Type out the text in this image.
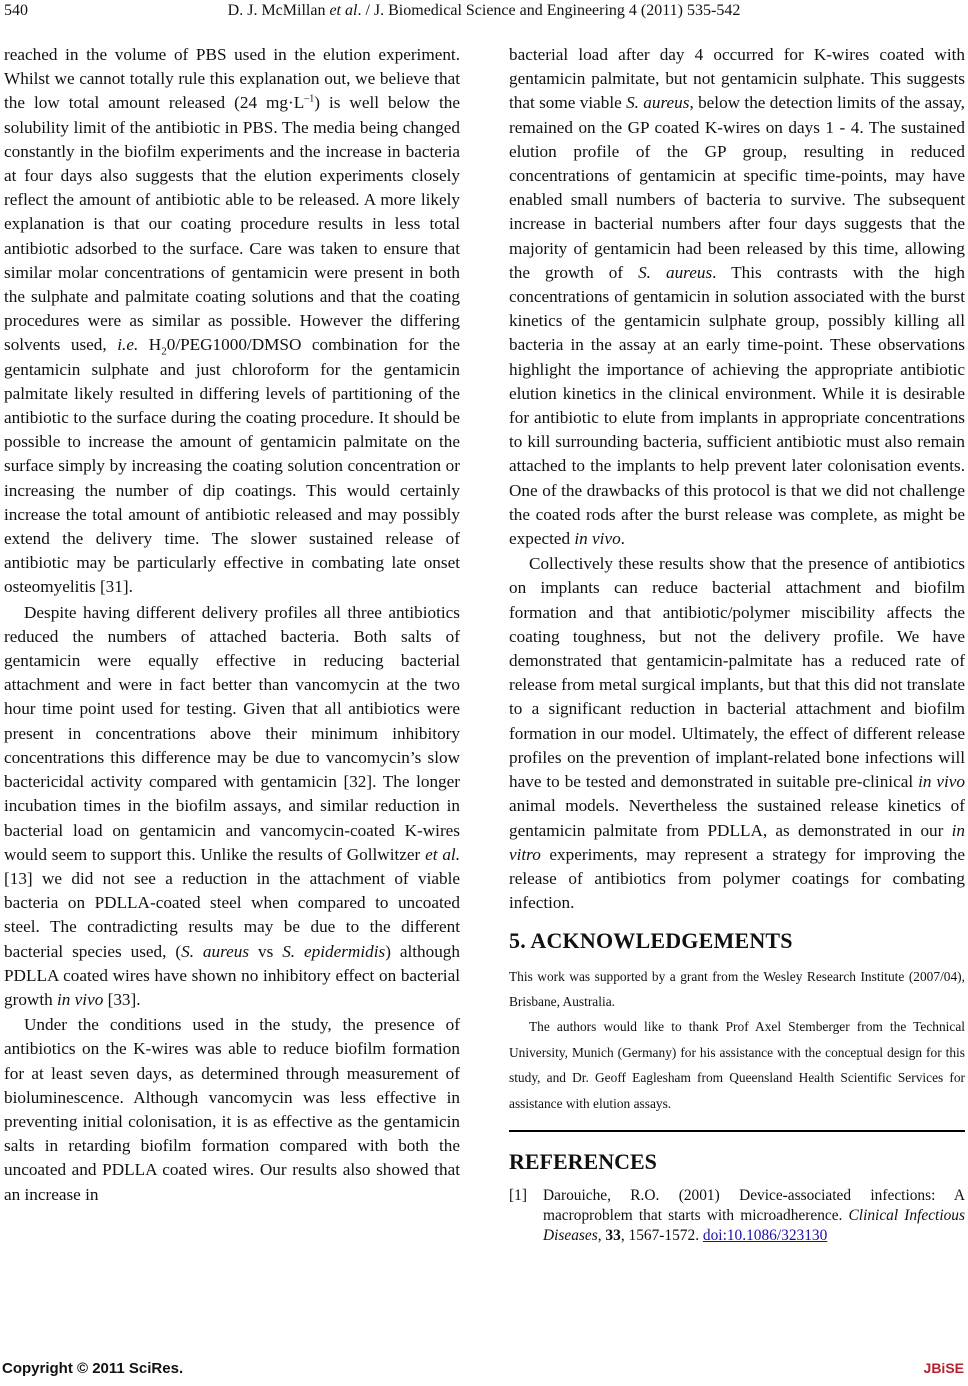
540	D. J. McMillan et al. / J. Biomedical Science and Engineering 4 (2011) 535-542

reached in the volume of PBS used in the elution experiment. Whilst we cannot totally rule this explanation out, we believe that the low total amount released (24 $mg\cdot L^{-1}$) is well below the solubility limit of the antibiotic in PBS. The media being changed constantly in the biofilm experiments and the increase in bacteria at four days also suggests that the elution experiments closely reflect the amount of antibiotic able to be released. A more likely explanation is that our coating procedure results in less total antibiotic adsorbed to the surface. Care was taken to ensure that similar molar concentrations of gentamicin were present in both the sulphate and palmitate coating solutions and that the coating procedures were as similar as possible. However the differing solvents used, i.e. $H_20/PEG1000$/DMSO combination for the gentamicin sulphate and just chloroform for the gentamicin palmitate likely resulted in differing levels of partitioning of the antibiotic to the surface during the coating procedure. It should be possible to increase the amount of gentamicin palmitate on the surface simply by increasing the coating solution concentration or increasing the number of dip coatings. This would certainly increase the total amount of antibiotic released and may possibly extend the delivery time. The slower sustained release of antibiotic may be particularly effective in combating late onset osteomyelitis [31].

Despite having different delivery profiles all three antibiotics reduced the numbers of attached bacteria. Both salts of gentamicin were equally effective in reducing bacterial attachment and were in fact better than vancomycin at the two hour time point used for testing. Given that all antibiotics were present in concentrations above their minimum inhibitory concentrations this difference may be due to vancomycin’s slow bactericidal activity compared with gentamicin [32]. The longer incubation times in the biofilm assays, and similar reduction in bacterial load on gentamicin and vancomycin-coated K-wires would seem to support this. Unlike the results of Gollwitzer et al. [13] we did not see a reduction in the attachment of viable bacteria on PDLLA-coated steel when compared to uncoated steel. The contradicting results may be due to the different bacterial species used, (S. aureus vs S. epidermidis) although PDLLA coated wires have shown no inhibitory effect on bacterial growth in vivo [33].

Under the conditions used in the study, the presence of antibiotics on the K-wires was able to reduce biofilm formation for at least seven days, as determined through measurement of bioluminescence. Although vancomycin was less effective in preventing initial colonisation, it is as effective as the gentamicin salts in retarding biofilm formation compared with both the uncoated and PDLLA coated wires. Our results also showed that an increase in

bacterial load after day 4 occurred for K-wires coated with gentamicin palmitate, but not gentamicin sulphate. This suggests that some viable S. aureus, below the detection limits of the assay, remained on the GP coated K-wires on days 1 - 4. The sustained elution profile of the GP group, resulting in reduced concentrations of gentamicin at specific time-points, may have enabled small numbers of bacteria to survive. The subsequent increase in bacterial numbers after four days suggests that the majority of gentamicin had been released by this time, allowing the growth of S. aureus. This contrasts with the high concentrations of gentamicin in solution associated with the burst kinetics of the gentamicin sulphate group, possibly killing all bacteria in the assay at an early time-point. These observations highlight the importance of achieving the appropriate antibiotic elution kinetics in the clinical environment. While it is desirable for antibiotic to elute from implants in appropriate concentrations to kill surrounding bacteria, sufficient antibiotic must also remain attached to the implants to help prevent later colonisation events. One of the drawbacks of this protocol is that we did not challenge the coated rods after the burst release was complete, as might be expected in vivo.

Collectively these results show that the presence of antibiotics on implants can reduce bacterial attachment and biofilm formation and that antibiotic/polymer miscibility affects the coating toughness, but not the delivery profile. We have demonstrated that gentamicin-palmitate has a reduced rate of release from metal surgical implants, but that this did not translate to a significant reduction in bacterial attachment and biofilm formation in our model. Ultimately, the effect of different release profiles on the prevention of implant-related bone infections will have to be tested and demonstrated in suitable pre-clinical in vivo animal models. Nevertheless the sustained release kinetics of gentamicin palmitate from PDLLA, as demonstrated in our in vitro experiments, may represent a strategy for improving the release of antibiotics from polymer coatings for combating infection.

5. ACKNOWLEDGEMENTS

This work was supported by a grant from the Wesley Research Institute (2007/04), Brisbane, Australia.

The authors would like to thank Prof Axel Stemberger from the Technical University, Munich (Germany) for his assistance with the conceptual design for this study, and Dr. Geoff Eaglesham from Queensland Health Scientific Services for assistance with elution assays.

REFERENCES
[1]	Darouiche, R.O. (2001) Device-associated infections: A macroproblem that starts with microadherence. Clinical Infectious Diseases, 33, 1567-1572. doi:10.1086/323130
Copyright © 2011 SciRes.	JBiSE
